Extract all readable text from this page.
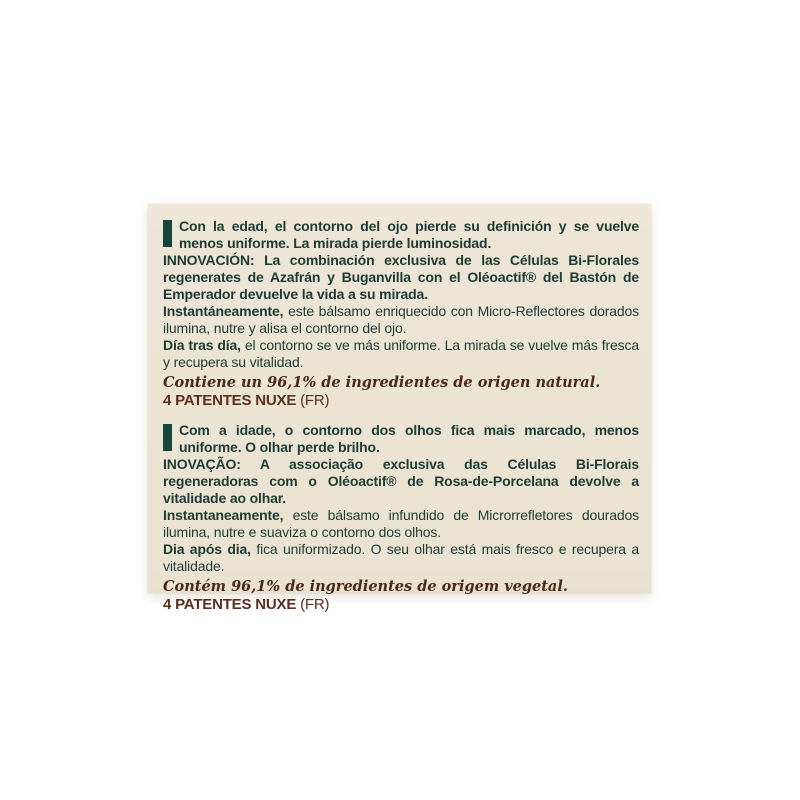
Con la edad, el contorno del ojo pierde su definición y se vuelve menos uniforme. La mirada pierde luminosidad.

INNOVACIÓN: La combinación exclusiva de las Células Bi-Florales regenerates de Azafrán y Buganvilla con el Oléoactif® del Bastón de Emperador devuelve la vida a su mirada.

Instantáneamente, este bálsamo enriquecido con Micro-Reflectores dorados ilumina, nutre y alisa el contorno del ojo.

Día tras día, el contorno se ve más uniforme. La mirada se vuelve más fresca y recupera su vitalidad.

Contiene un 96,1% de ingredientes de origen natural.
4 PATENTES NUXE (FR)
Com a idade, o contorno dos olhos fica mais marcado, menos uniforme. O olhar perde brilho.

INOVAÇÃO: A associação exclusiva das Células Bi-Florais regeneradoras com o Oléoactif® de Rosa-de-Porcelana devolve a vitalidade ao olhar.

Instantaneamente, este bálsamo infundido de Microrrefletores dourados ilumina, nutre e suaviza o contorno dos olhos.

Dia após dia, fica uniformizado. O seu olhar está mais fresco e recupera a vitalidade.

Contém 96,1% de ingredientes de origem vegetal.
4 PATENTES NUXE (FR)
